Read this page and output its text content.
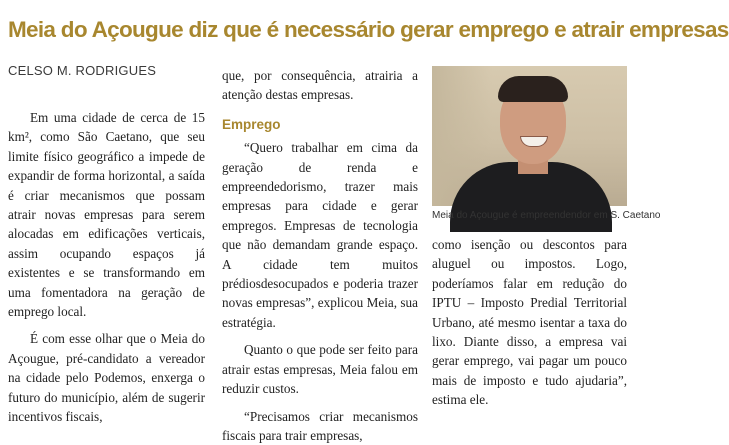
Meia do Açougue diz que é necessário gerar emprego e atrair empresas
CELSO M. RODRIGUES

Em uma cidade de cerca de 15 km², como São Caetano, que seu limite físico geográfico a impede de expandir de forma horizontal, a saída é criar mecanismos que possam atrair novas empresas para serem alocadas em edificações verticais, assim ocupando espaços já existentes e se transformando em uma fomentadora na geração de emprego local.

É com esse olhar que o Meia do Açougue, pré-candidato a vereador na cidade pelo Podemos, enxerga o futuro do município, além de sugerir incentivos fiscais,

que, por consequência, atrairia a atenção destas empresas.

Emprego

“Quero trabalhar em cima da geração de renda e empreendedorismo, trazer mais empresas para cidade e gerar empregos. Empresas de tecnologia que não demandam grande espaço. A cidade tem muitos prédiosdesocupados e poderia trazer novas empresas”, explicou Meia, sua estratégia.

Quanto o que pode ser feito para atrair estas empresas, Meia falou em reduzir custos.

“Precisamos criar mecanismos fiscais para trair empresas,

Meia do Açougue é empreendendor em S. Caetano

como isenção ou descontos para aluguel ou impostos. Logo, poderíamos falar em redução do IPTU – Imposto Predial Territorial Urbano, até mesmo isentar a taxa do lixo. Diante disso, a empresa vai gerar emprego, vai pagar um pouco mais de imposto e tudo ajudaria”, estima ele.
